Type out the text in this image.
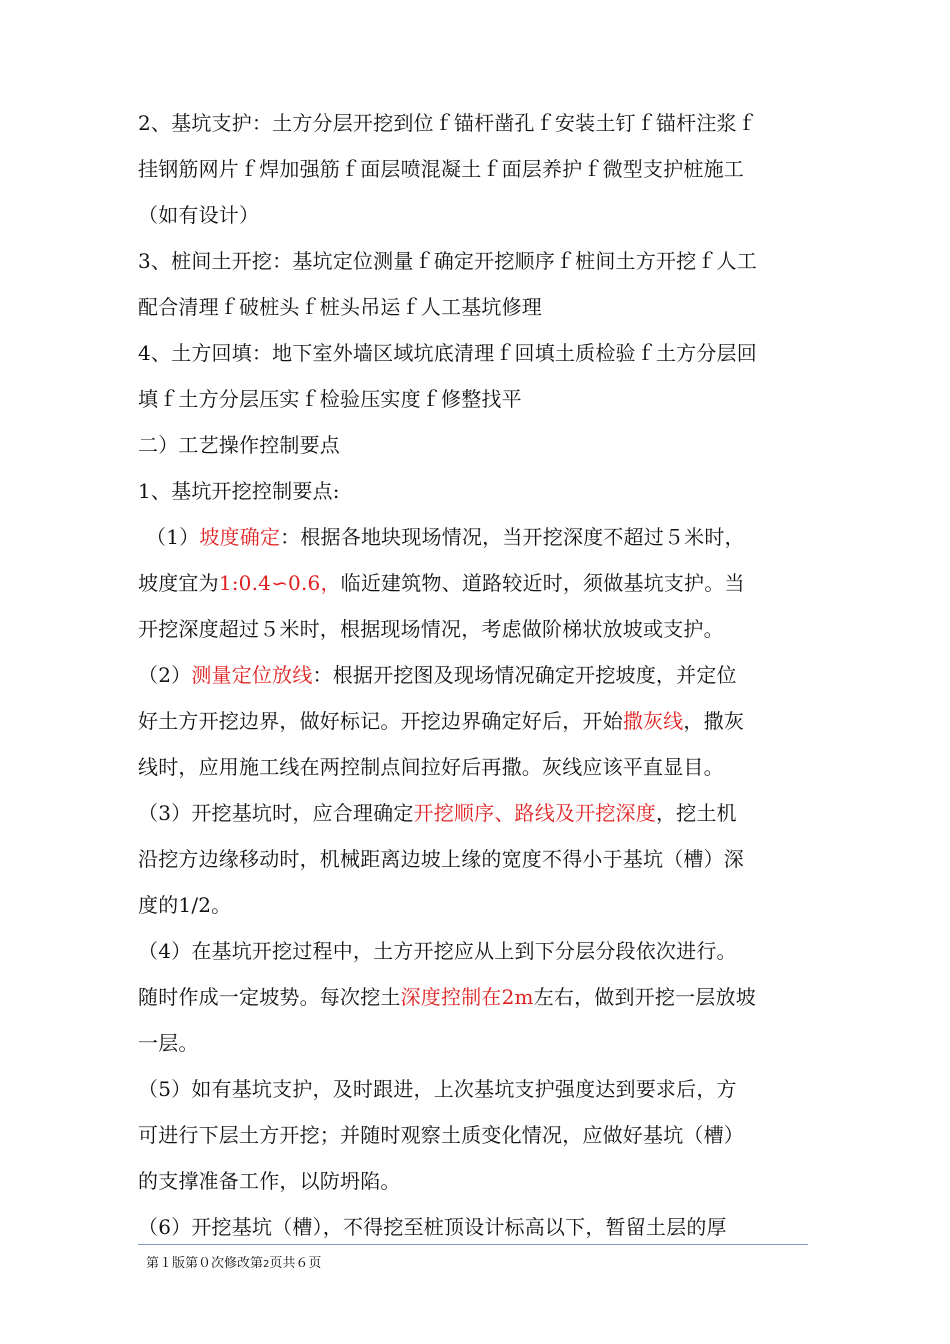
2、基坑支护：土方分层开挖到位ｆ锚杆凿孔ｆ安装土钉ｆ锚杆注浆ｆ
挂钢筋网片ｆ焊加强筋ｆ面层喷混凝土ｆ面层养护ｆ微型支护桩施工
（如有设计）
3、桩间土开挖：基坑定位测量ｆ确定开挖顺序ｆ桩间土方开挖ｆ人工
配合清理ｆ破桩头ｆ桩头吊运ｆ人工基坑修理
4、土方回填：地下室外墙区域坑底清理ｆ回填土质检验ｆ土方分层回
填ｆ土方分层压实ｆ检验压实度ｆ修整找平
二）工艺操作控制要点
1、基坑开挖控制要点:
（1）坡度确定：根据各地块现场情况，当开挖深度不超过５米时，
坡度宜为1:0.4∽0.6，临近建筑物、道路较近时，须做基坑支护。当
开挖深度超过５米时，根据现场情况，考虑做阶梯状放坡或支护。
（2）测量定位放线：根据开挖图及现场情况确定开挖坡度，并定位
好土方开挖边界，做好标记。开挖边界确定好后，开始撒灰线，撒灰
线时，应用施工线在两控制点间拉好后再撒。灰线应该平直显目。
（3）开挖基坑时，应合理确定开挖顺序、路线及开挖深度，挖土机
沿挖方边缘移动时，机械距离边坡上缘的宽度不得小于基坑（槽）深
度的1/2。
（4）在基坑开挖过程中，土方开挖应从上到下分层分段依次进行。
随时作成一定坡势。每次挖土深度控制在2m左右，做到开挖一层放坡
一层。
（5）如有基坑支护，及时跟进，上次基坑支护强度达到要求后，方
可进行下层土方开挖；并随时观察土质变化情况，应做好基坑（槽）
的支撑准备工作，以防坍陷。
（6）开挖基坑（槽），不得挖至桩顶设计标高以下，暂留土层的厚
第１版第０次修改第2页共６页
